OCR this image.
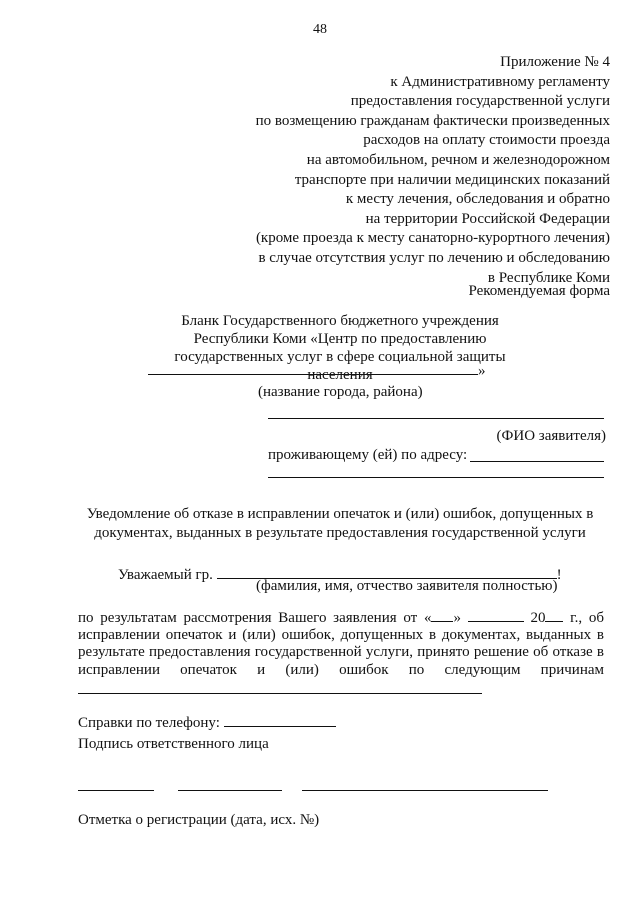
48
Приложение № 4
к Административному регламенту
предоставления государственной услуги
по возмещению гражданам фактически произведенных
расходов на оплату стоимости проезда
на автомобильном, речном и железнодорожном
транспорте при наличии медицинских показаний
к месту лечения, обследования и обратно
на территории Российской Федерации
(кроме проезда к месту санаторно-курортного лечения)
в случае отсутствия услуг по лечению и обследованию
в Республике Коми
Рекомендуемая форма
Бланк Государственного бюджетного учреждения
Республики Коми «Центр по предоставлению
государственных услуг в сфере социальной защиты населения	»
(название города, района)
(ФИО заявителя)
проживающему (ей) по адресу:
Уведомление об отказе в исправлении опечаток и (или) ошибок, допущенных в
документах, выданных в результате предоставления государственной услуги
Уважаемый гр.	!
(фамилия, имя, отчество заявителя полностью)
по результатам рассмотрения Вашего заявления от « »	20 г., об исправлении опечаток и (или) ошибок, допущенных в документах, выданных в результате предоставления государственной услуги, принято решение об отказе в исправлении опечаток и (или) ошибок по следующим причинам
Справки по телефону:
Подпись ответственного лица
Отметка о регистрации (дата, исх. №)
